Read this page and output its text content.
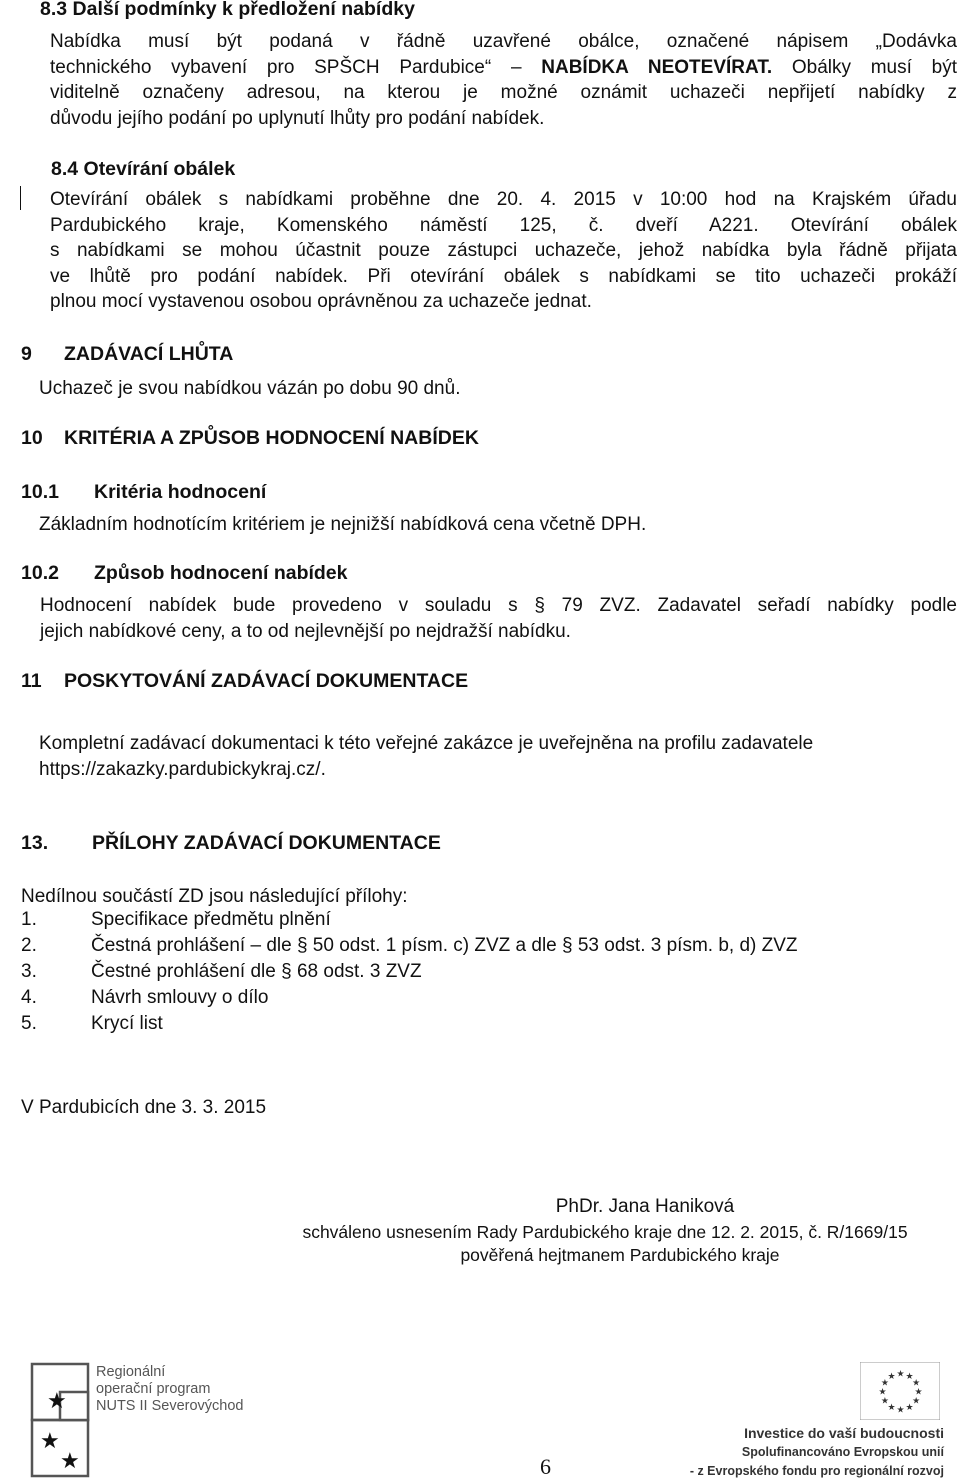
8.3 Další podmínky k předložení nabídky
Nabídka musí být podaná v řádně uzavřené obálce, označené nápisem „Dodávka
technického vybavení pro SPŠCH Pardubice“ – NABÍDKA NEOTEVÍRAT. Obálky musí být
viditelně označeny adresou, na kterou je možné oznámit uchazeči nepřijetí nabídky z
důvodu jejího podání po uplynutí lhůty pro podání nabídek.
8.4 Otevírání obálek
Otevírání obálek s nabídkami proběhne dne 20. 4. 2015 v 10:00 hod na Krajském úřadu
Pardubického kraje, Komenského náměstí 125, č. dveří A221. Otevírání obálek
s nabídkami se mohou účastnit pouze zástupci uchazeče, jehož nabídka byla řádně přijata
ve lhůtě pro podání nabídek. Při otevírání obálek s nabídkami se tito uchazeči prokáží
plnou mocí vystavenou osobou oprávněnou za uchazeče jednat.
9 ZADÁVACÍ LHŮTA
Uchazeč je svou nabídkou vázán po dobu 90 dnů.
10 KRITÉRIA A ZPŮSOB HODNOCENÍ NABÍDEK
10.1 Kritéria hodnocení
Základním hodnotícím kritériem je nejnižší nabídková cena včetně DPH.
10.2 Způsob hodnocení nabídek
Hodnocení nabídek bude provedeno v souladu s § 79 ZVZ. Zadavatel seřadí nabídky podle
jejich nabídkové ceny, a to od nejlevnější po nejdražší nabídku.
11 POSKYTOVÁNÍ ZADÁVACÍ DOKUMENTACE
Kompletní zadávací dokumentaci k této veřejné zakázce je uveřejněna na profilu zadavatele
https://zakazky.pardubickykraj.cz/.
13. PŘÍLOHY ZADÁVACÍ DOKUMENTACE
Nedílnou součástí ZD jsou následující přílohy:
1.	Specifikace předmětu plnění
2.	Čestná prohlášení – dle § 50 odst. 1 písm. c) ZVZ a dle § 53 odst. 3 písm. b, d) ZVZ
3.	Čestné prohlášení dle § 68 odst. 3 ZVZ
4.	Návrh smlouvy o dílo
5.	Krycí list
V Pardubicích dne 3. 3. 2015
PhDr. Jana Haniková
schváleno usnesením Rady Pardubického kraje dne 12. 2. 2015, č. R/1669/15
pověřená hejtmanem Pardubického kraje
★
★
★
Regionální
operační program
NUTS II Severovýchod
6
★ ★
★
★
★
★
★
★
★
★
★
★
Investice do vaší budoucnosti
Spolufinancováno Evropskou unií
- z Evropského fondu pro regionální rozvoj
